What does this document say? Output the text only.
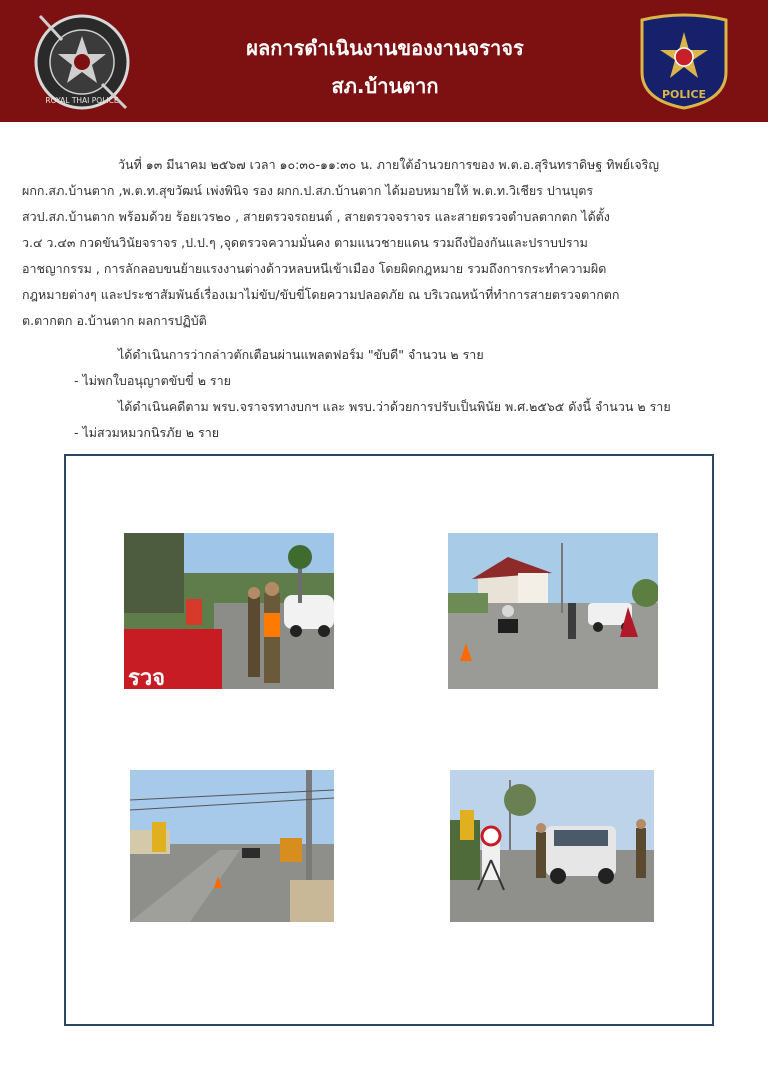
ROYAL THAI POLICE
ผลการดำเนินงานของงานจราจร
สภ.บ้านตาก	POLICE
วันที่ ๑๓ มีนาคม ๒๕๖๗ เวลา ๑๐:๓๐-๑๑:๓๐ น. ภายใต้อำนวยการของ พ.ต.อ.สุรินทราดิษฐ ทิพย์เจริญ
ผกก.สภ.บ้านตาก ,พ.ต.ท.สุขวัฒน์ เพ่งพินิจ รอง ผกก.ป.สภ.บ้านตาก ได้มอบหมายให้ พ.ต.ท.วิเชียร ปานบุตร
สวป.สภ.บ้านตาก พร้อมด้วย ร้อยเวร๒๐ , สายตรวจรถยนต์ , สายตรวจจราจร และสายตรวจตำบลตากตก ได้ตั้ง
ว.๔ ว.๔๓ กวดขันวินัยจราจร ,ป.ป.ๆ ,จุดตรวจความมั่นคง ตามแนวชายแดน รวมถึงป้องกันและปราบปราม
อาชญากรรม , การลักลอบขนย้ายแรงงานต่างด้าวหลบหนีเข้าเมือง โดยผิดกฎหมาย รวมถึงการกระทำความผิด
กฎหมายต่างๆ และประชาสัมพันธ์เรื่องเมาไม่ขับ/ขับขี่โดยความปลอดภัย ณ บริเวณหน้าที่ทำการสายตรวจตากตก
ต.ตากตก อ.บ้านตาก ผลการปฏิบัติ
ได้ดำเนินการว่ากล่าวตักเตือนผ่านแพลตฟอร์ม "ขับดี" จำนวน ๒ ราย
- ไม่พกใบอนุญาตขับขี่ ๒ ราย
ได้ดำเนินคดีตาม พรบ.จราจรทางบกฯ และ พรบ.ว่าด้วยการปรับเป็นพินัย พ.ศ.๒๕๖๕ ดังนี้ จำนวน ๒ ราย
- ไม่สวมหมวกนิรภัย ๒ ราย
รวจ
